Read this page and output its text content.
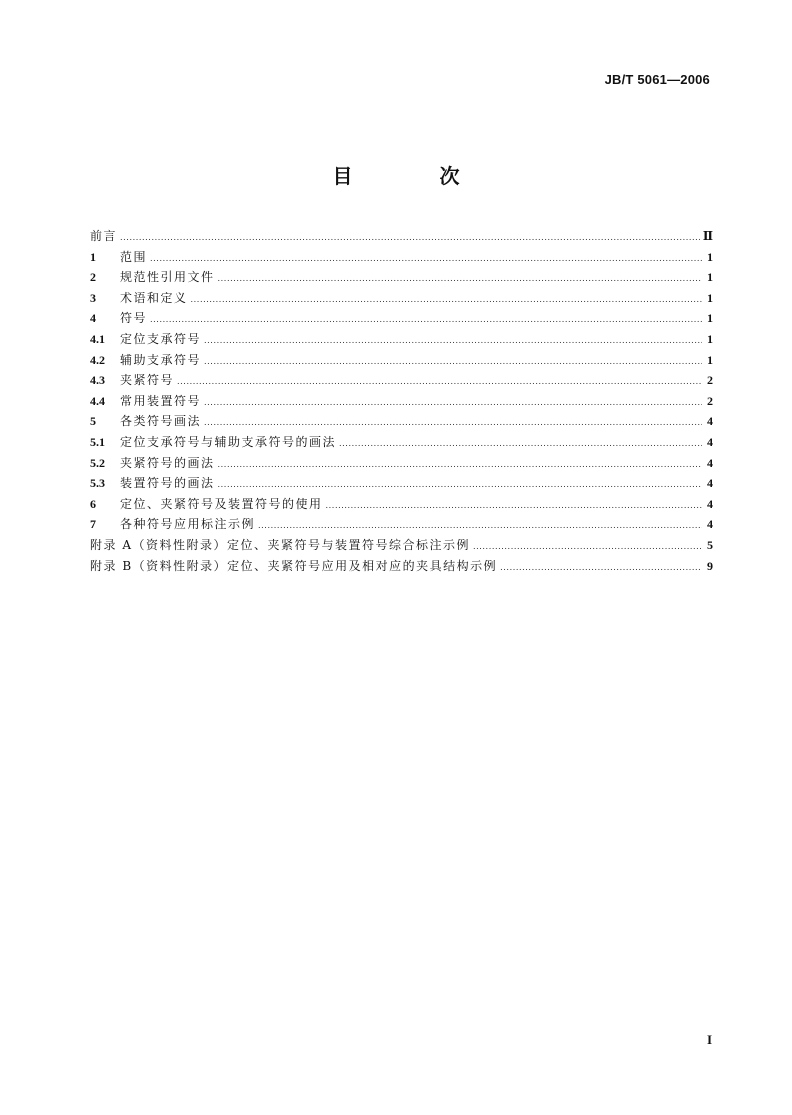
JB/T 5061—2006
目 次
前言 .....	Ⅱ
1	范围 .....	1
2	规范性引用文件 .....	1
3	术语和定义 .....	1
4	符号 .....	1
4.1	定位支承符号 .....	1
4.2	辅助支承符号 .....	1
4.3	夹紧符号 .....	2
4.4	常用装置符号 .....	2
5	各类符号画法 .....	4
5.1	定位支承符号与辅助支承符号的画法 .....	4
5.2	夹紧符号的画法 .....	4
5.3	装置符号的画法 .....	4
6	定位、夹紧符号及装置符号的使用 .....	4
7	各种符号应用标注示例 .....	4
附录 A（资料性附录）定位、夹紧符号与装置符号综合标注示例 .....	5
附录 B（资料性附录）定位、夹紧符号应用及相对应的夹具结构示例 .....	9
I
